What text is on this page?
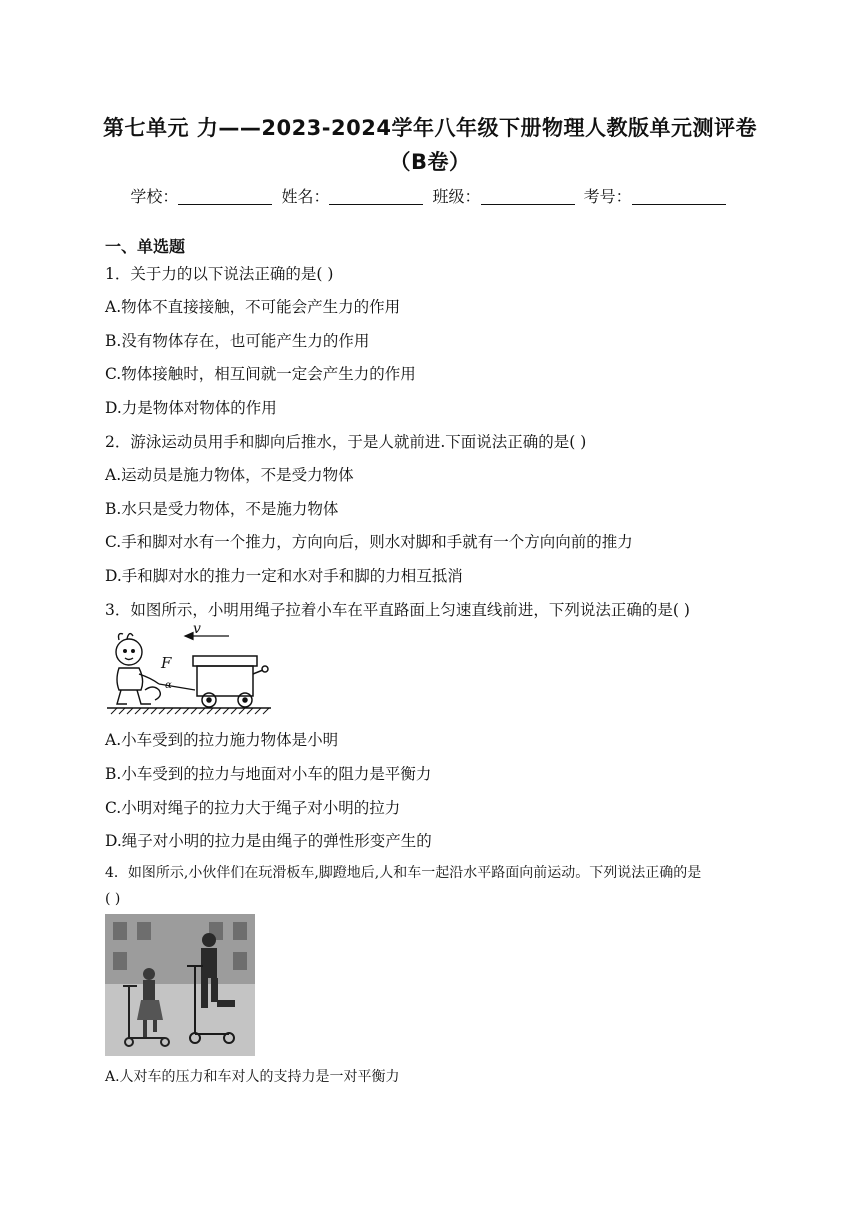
第七单元 力——2023-2024学年八年级下册物理人教版单元测评卷
（B卷）
学校：	姓名：	班级：	考号：
一、单选题
1．关于力的以下说法正确的是( )
A.物体不直接接触，不可能会产生力的作用
B.没有物体存在，也可能产生力的作用
C.物体接触时，相互间就一定会产生力的作用
D.力是物体对物体的作用
2．游泳运动员用手和脚向后推水，于是人就前进.下面说法正确的是( )
A.运动员是施力物体，不是受力物体
B.水只是受力物体，不是施力物体
C.手和脚对水有一个推力，方向向后，则水对脚和手就有一个方向向前的推力
D.手和脚对水的推力一定和水对手和脚的力相互抵消
3．如图所示，小明用绳子拉着小车在平直路面上匀速直线前进，下列说法正确的是( )
v
F
α
A.小车受到的拉力施力物体是小明
B.小车受到的拉力与地面对小车的阻力是平衡力
C.小明对绳子的拉力大于绳子对小明的拉力
D.绳子对小明的拉力是由绳子的弹性形变产生的
4．如图所示,小伙伴们在玩滑板车,脚蹬地后,人和车一起沿水平路面向前运动。下列说法正确的是
( )
A.人对车的压力和车对人的支持力是一对平衡力
